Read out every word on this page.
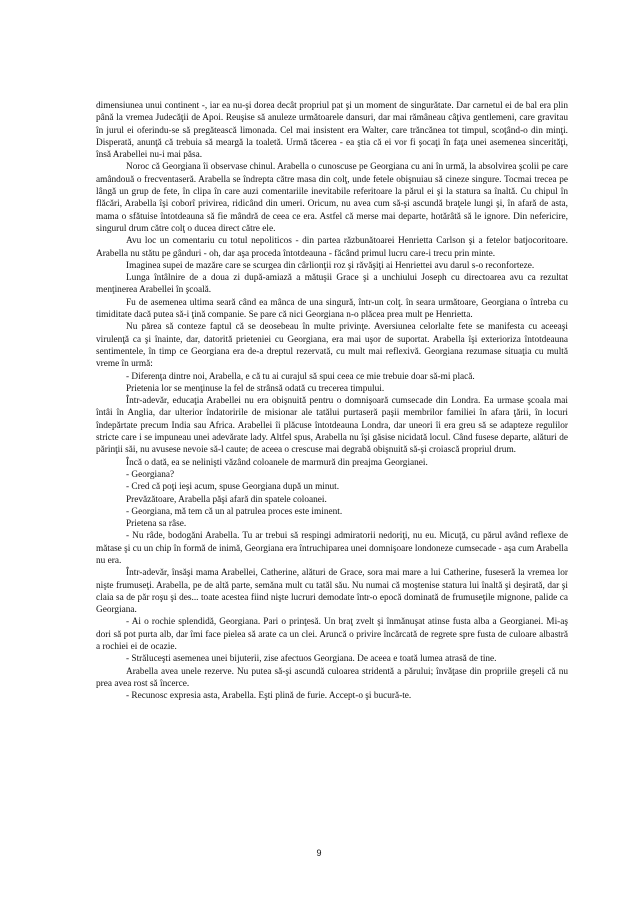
dimensiunea unui continent -, iar ea nu-şi dorea decât propriul pat şi un moment de singurătate. Dar carnetul ei de bal era plin până la vremea Judecăţii de Apoi. Reuşise să anuleze următoarele dansuri, dar mai rămâneau câţiva gentlemeni, care gravitau în jurul ei oferindu-se să pregătească limonada. Cel mai insistent era Walter, care trăncănea tot timpul, scoţând-o din minţi. Disperată, anunţă că trebuia să meargă la toaletă. Urmă tăcerea - ea ştia că ei vor fi şocaţi în faţa unei asemenea sincerităţi, însă Arabellei nu-i mai păsa.

Noroc că Georgiana îi observase chinul. Arabella o cunoscuse pe Georgiana cu ani în urmă, la absolvirea şcolii pe care amândouă o frecventaseră. Arabella se îndrepta către masa din colţ, unde fetele obişnuiau să cineze singure. Tocmai trecea pe lângă un grup de fete, în clipa în care auzi comentariile inevitabile referitoare la părul ei şi la statura sa înaltă. Cu chipul în flăcări, Arabella îşi coborî privirea, ridicând din umeri. Oricum, nu avea cum să-şi ascundă braţele lungi şi, în afară de asta, mama o sfătuise întotdeauna să fie mândră de ceea ce era. Astfel că merse mai departe, hotărâtă să le ignore. Din nefericire, singurul drum către colţ o ducea direct către ele.

Avu loc un comentariu cu totul nepoliticos - din partea răzbunătoarei Henrietta Carlson şi a fetelor batjocoritoare. Arabella nu stătu pe gânduri - oh, dar aşa proceda întotdeauna - făcând primul lucru care-i trecu prin minte.

Imaginea supei de mazăre care se scurgea din cârlionţii roz şi răvăşiţi ai Henriettei avu darul s-o reconforteze.

Lunga întâlnire de a doua zi după-amiază a mătuşii Grace şi a unchiului Joseph cu directoarea avu ca rezultat menţinerea Arabellei în şcoală.

Fu de asemenea ultima seară când ea mânca de una singură, într-un colţ. în seara următoare, Georgiana o întreba cu timiditate dacă putea să-i ţină companie. Se pare că nici Georgiana n-o plăcea prea mult pe Henrietta.

Nu părea să conteze faptul că se deosebeau în multe privinţe. Aversiunea celorlalte fete se manifesta cu aceeaşi virulenţă ca şi înainte, dar, datorită prieteniei cu Georgiana, era mai uşor de suportat. Arabella îşi exterioriza întotdeauna sentimentele, în timp ce Georgiana era de-a dreptul rezervată, cu mult mai reflexivă. Georgiana rezumase situaţia cu multă vreme în urmă:

- Diferenţa dintre noi, Arabella, e că tu ai curajul să spui ceea ce mie trebuie doar să-mi placă.

Prietenia lor se menţinuse la fel de strânsă odată cu trecerea timpului.

Într-adevăr, educaţia Arabellei nu era obişnuită pentru o domnişoară cumsecade din Londra. Ea urmase şcoala mai întâi în Anglia, dar ulterior îndatoririle de misionar ale tatălui purtaseră paşii membrilor familiei în afara ţării, în locuri îndepărtate precum India sau Africa. Arabellei îi plăcuse întotdeauna Londra, dar uneori îi era greu să se adapteze regulilor stricte care i se impuneau unei adevărate lady. Altfel spus, Arabella nu îşi găsise nicidată locul. Când fusese departe, alături de părinţii săi, nu avusese nevoie să-l caute; de aceea o crescuse mai degrabă obişnuită să-şi croiască propriul drum.

Încă o dată, ea se nelinişti văzând coloanele de marmură din preajma Georgianei.

- Georgiana?

- Cred că poţi ieşi acum, spuse Georgiana după un minut.

Prevăzătoare, Arabella păşi afară din spatele coloanei.

- Georgiana, mă tem că un al patrulea proces este iminent.

Prietena sa râse.

- Nu râde, bodogăni Arabella. Tu ar trebui să respingi admiratorii nedoriţi, nu eu. Micuţă, cu părul având reflexe de mătase şi cu un chip în formă de inimă, Georgiana era întruchiparea unei domnişoare londoneze cumsecade - aşa cum Arabella nu era.

Într-adevăr, însăşi mama Arabellei, Catherine, alături de Grace, sora mai mare a lui Catherine, fuseseră la vremea lor nişte frumuseţi. Arabella, pe de altă parte, semăna mult cu tatăl său. Nu numai că moştenise statura lui înaltă şi deşirată, dar şi claia sa de păr roşu şi des... toate acestea fiind nişte lucruri demodate într-o epocă dominată de frumuseţile mignone, palide ca Georgiana.

- Ai o rochie splendidă, Georgiana. Pari o prinţesă. Un braţ zvelt şi înmănuşat atinse fusta alba a Georgianei. Mi-aş dori să pot purta alb, dar îmi face pielea să arate ca un clei. Aruncă o privire încărcată de regrete spre fusta de culoare albastră a rochiei ei de ocazie.

- Străluceşti asemenea unei bijuterii, zise afectuos Georgiana. De aceea e toată lumea atrasă de tine.

Arabella avea unele rezerve. Nu putea să-şi ascundă culoarea stridentă a părului; învăţase din propriile greşeli că nu prea avea rost să încerce.

- Recunosc expresia asta, Arabella. Eşti plină de furie. Accept-o şi bucură-te.

9
